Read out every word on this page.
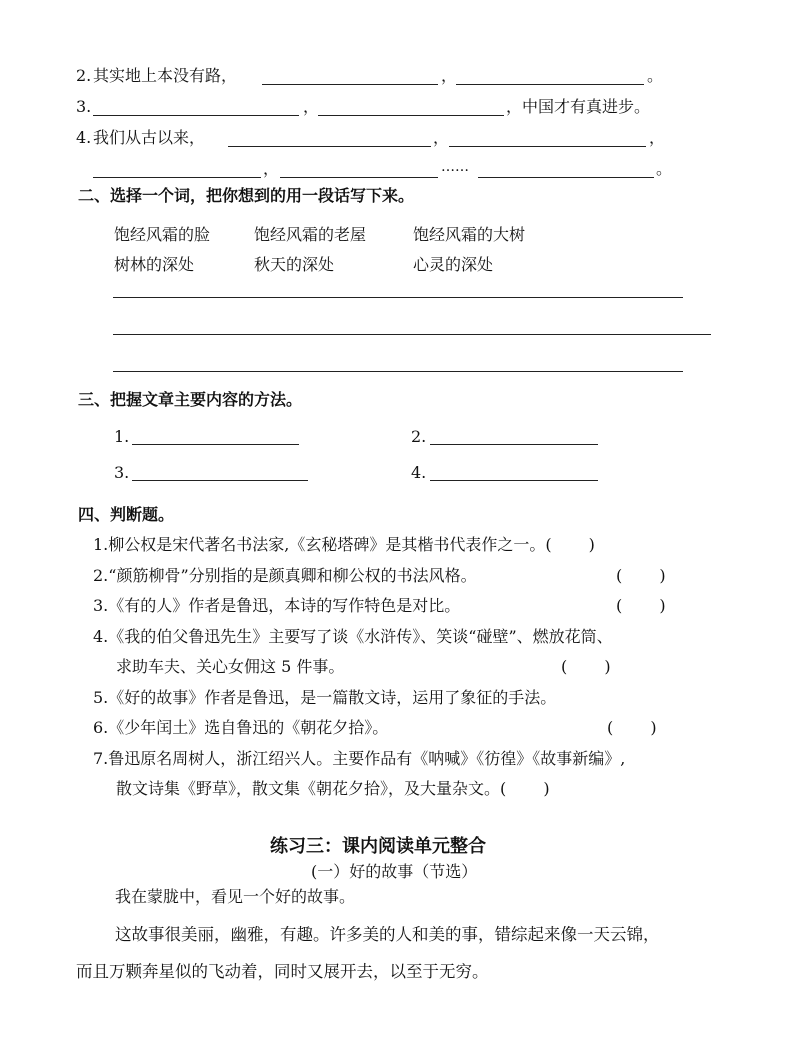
2. 其实地上本没有路，	，	。
3.	，	，中国才有真进步。
4. 我们从古以来，	，	，
，	……	。
二、选择一个词，把你想到的用一段话写下来。
饱经风霜的脸	饱经风霜的老屋	饱经风霜的大树
树林的深处	秋天的深处	心灵的深处
三、把握文章主要内容的方法。
1.	2.
3.	4.
四、判断题。
1.柳公权是宋代著名书法家,《玄秘塔碑》是其楷书代表作之一。(　　 )
2.“颜筋柳骨”分别指的是颜真卿和柳公权的书法风格。	(　　 )
3.《有的人》作者是鲁迅，本诗的写作特色是对比。	(　　 )
4.《我的伯父鲁迅先生》主要写了谈《水浒传》、笑谈“碰壁”、燃放花筒、
求助车夫、关心女佣这 5 件事。	(　　 )
5.《好的故事》作者是鲁迅，是一篇散文诗，运用了象征的手法。
6.《少年闰土》选自鲁迅的《朝花夕拾》。	(　　 )
7.鲁迅原名周树人，浙江绍兴人。主要作品有《呐喊》《彷徨》《故事新编》,
散文诗集《野草》，散文集《朝花夕拾》，及大量杂文。(　　 )
练习三：课内阅读单元整合
(一）好的故事（节选）
我在蒙胧中，看见一个好的故事。
这故事很美丽，幽雅，有趣。许多美的人和美的事，错综起来像一天云锦，
而且万颗奔星似的飞动着，同时又展开去，以至于无穷。
